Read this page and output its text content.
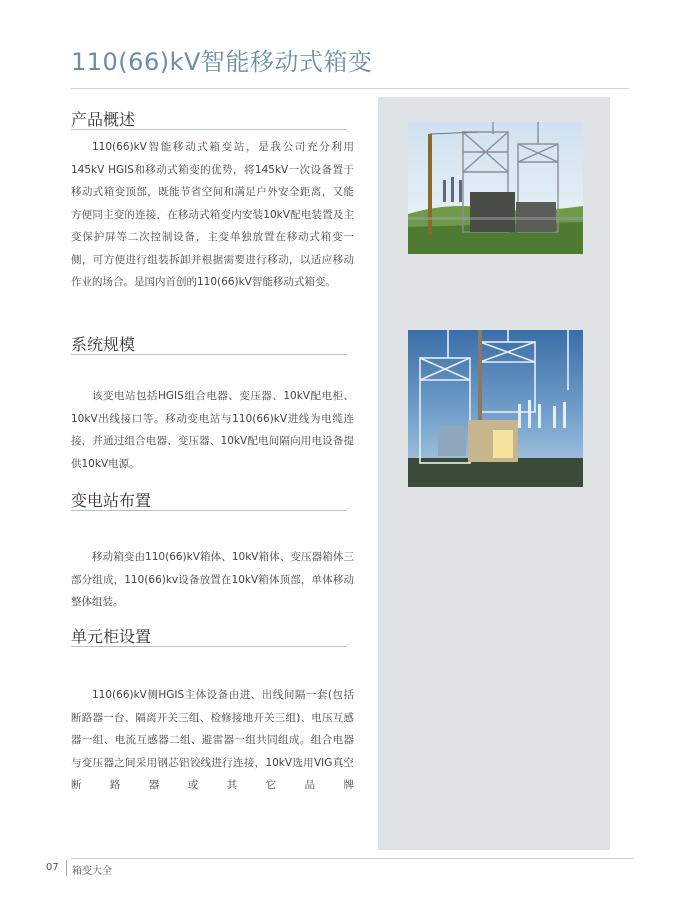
110(66)kV智能移动式箱变
产品概述
110(66)kV智能移动式箱变站，是我公司充分利用145kV HGIS和移动式箱变的优势，将145kV一次设备置于移动式箱变顶部，既能节省空间和满足户外安全距离，又能方便同主变的连接，在移动式箱变内安装10kV配电装置及主变保护屏等二次控制设备，主变单独放置在移动式箱变一侧，可方便进行组装拆卸并根据需要进行移动，以适应移动作业的场合。是国内首创的110(66)kV智能移动式箱变。
系统规模
该变电站包括HGIS组合电器、变压器、10kV配电柜、10kV出线接口等。移动变电站与110(66)kV进线为电缆连接，并通过组合电器、变压器、10kV配电间隔向用电设备提供10kV电源。
变电站布置
移动箱变由110(66)kV箱体、10kV箱体、变压器箱体三部分组成，110(66)kv设备放置在10kV箱体顶部，单体移动整体组装。
单元柜设置
110(66)kV侧HGIS主体设备由进、出线间隔一套(包括断路器一台、隔离开关三组、检修接地开关三组)、电压互感器一组、电流互感器二组、避雷器一组共同组成。组合电器与变压器之间采用钢芯铝铰线进行连接，10kV选用VIG真空断路器或其它品牌
07 箱变大全
